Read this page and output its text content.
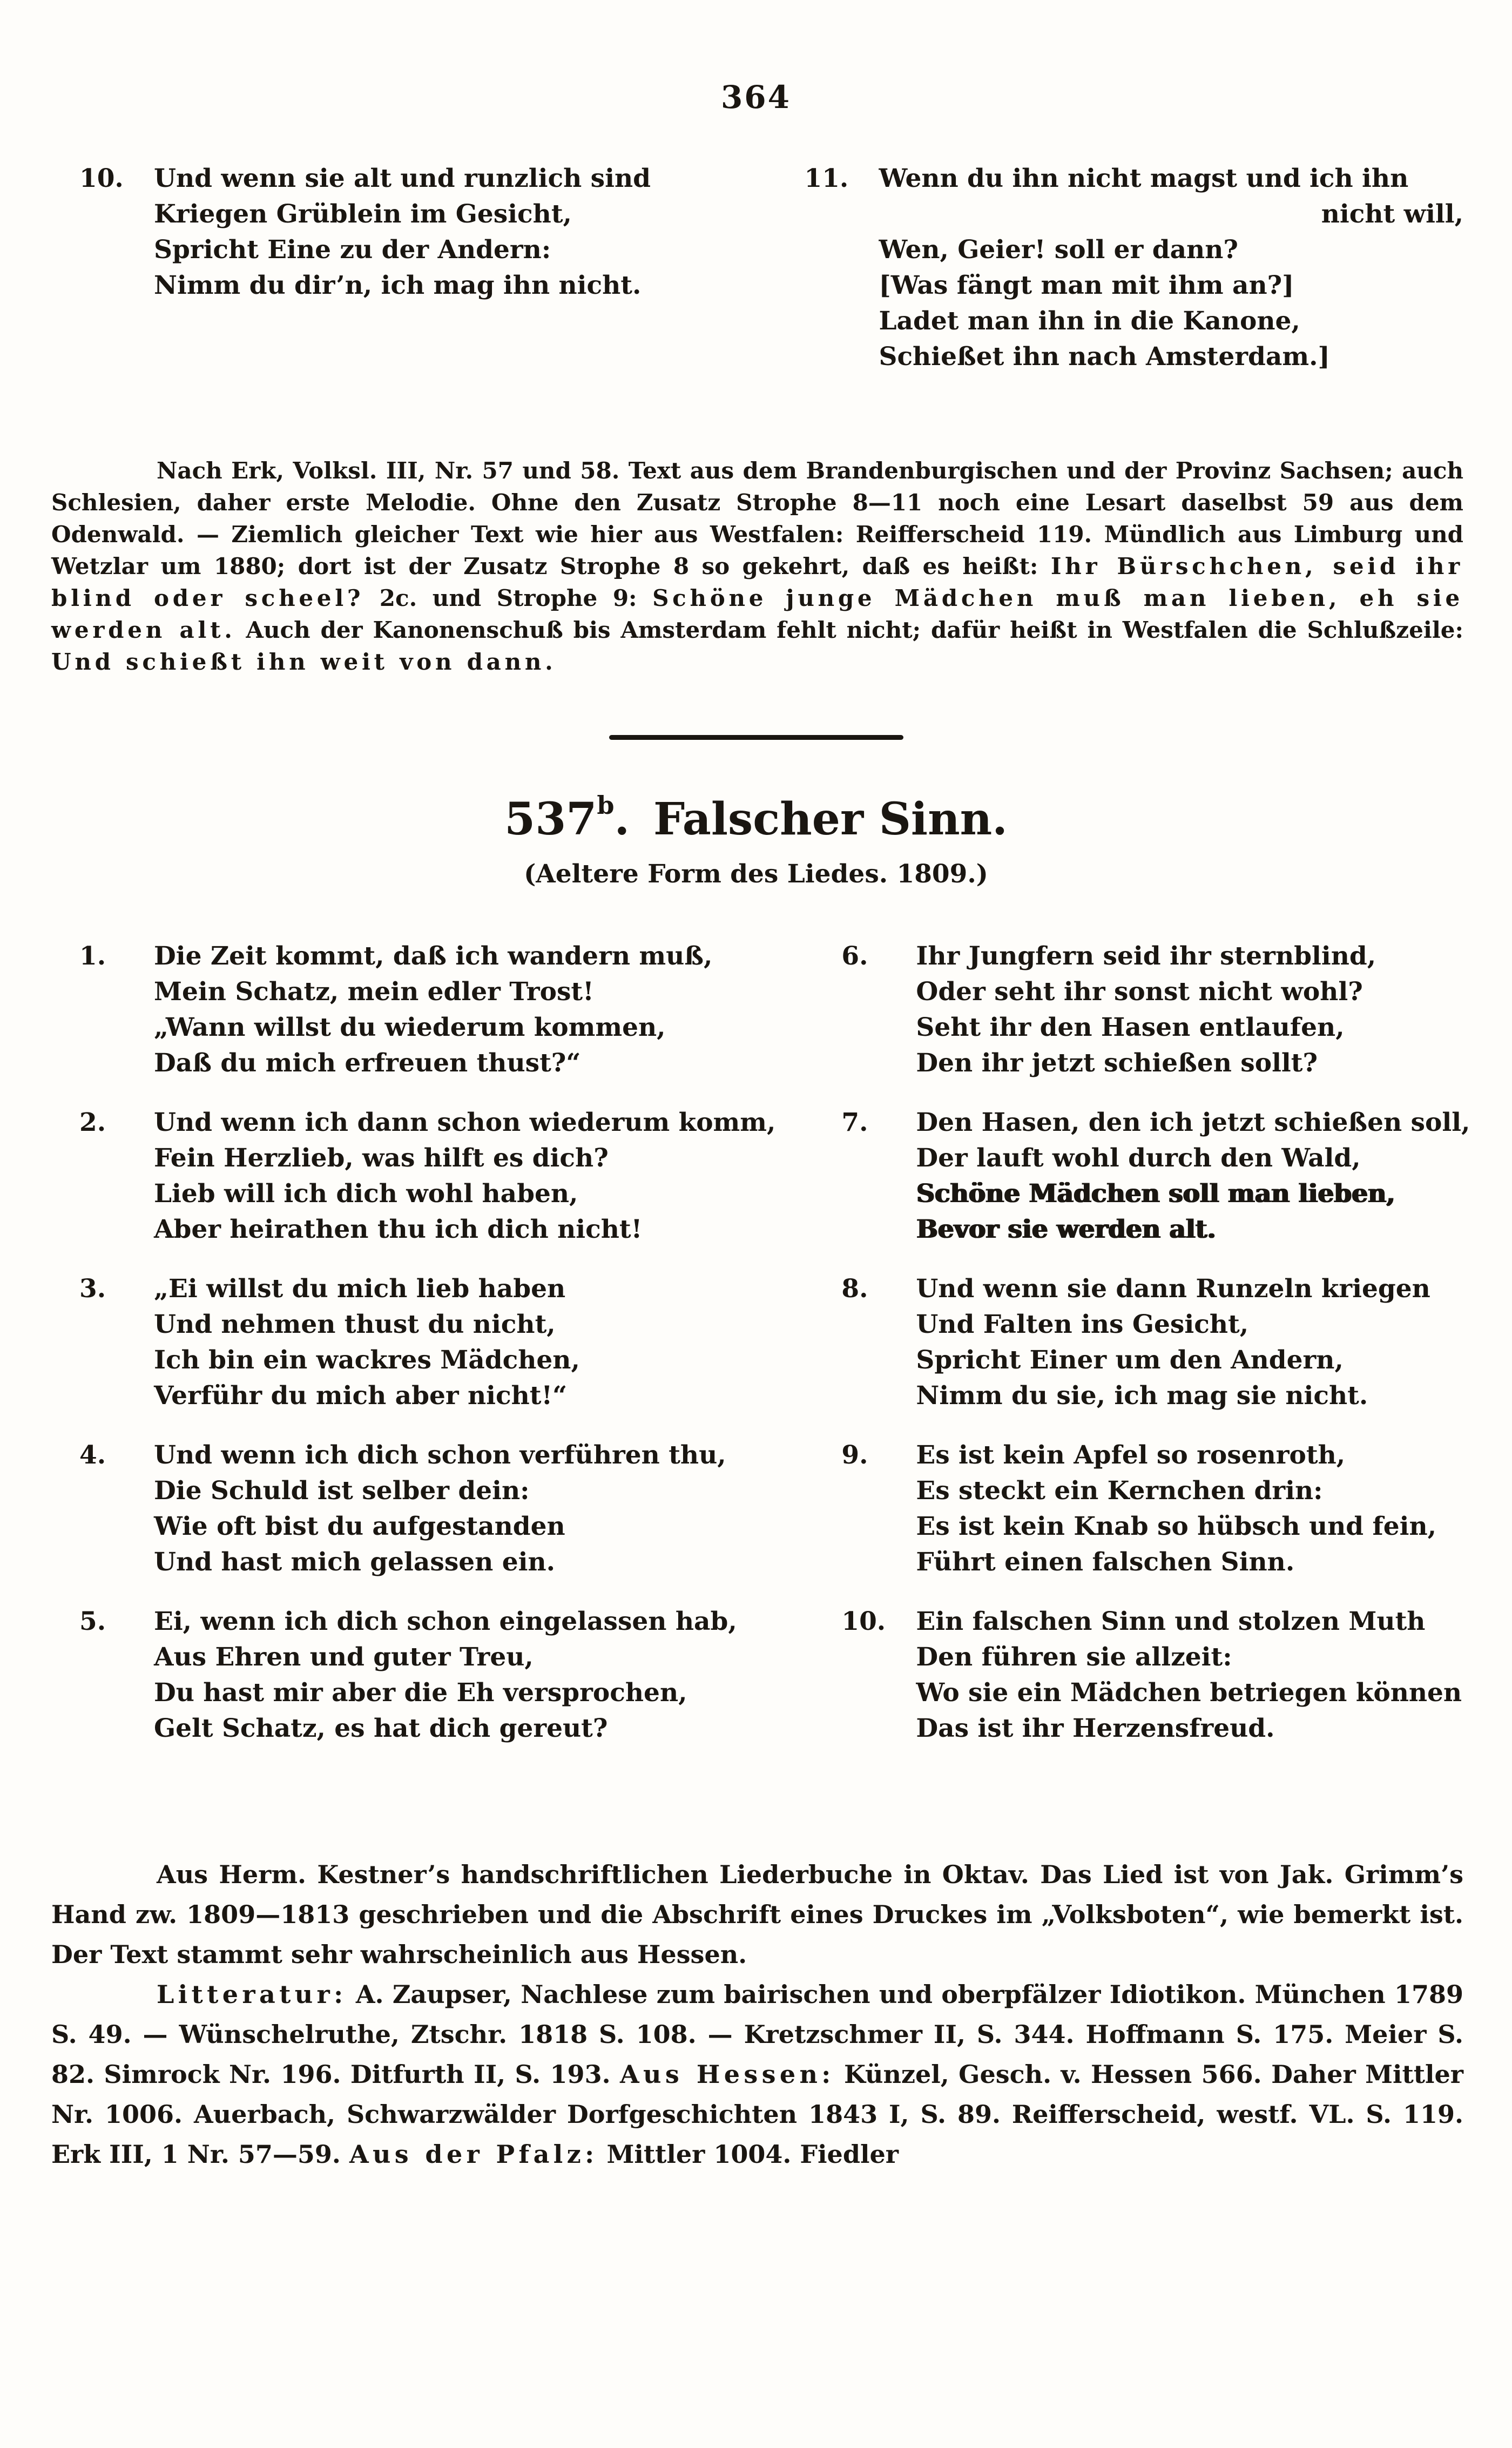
364
10. Und wenn sie alt und runzlich sind
Kriegen Grüblein im Gesicht,
Spricht Eine zu der Andern:
Nimm du dir’n, ich mag ihn nicht.
11. Wenn du ihn nicht magst und ich ihn
nicht will,
Wen, Geier! soll er dann?
[Was fängt man mit ihm an?]
Ladet man ihn in die Kanone,
Schießet ihn nach Amsterdam.]

Nach Erk, Volksl. III, Nr. 57 und 58. Text aus dem Brandenburgischen und der Provinz Sachsen; auch Schlesien, daher erste Melodie. Ohne den Zusatz Strophe 8—11 noch eine Lesart daselbst 59 aus dem Odenwald. — Ziemlich gleicher Text wie hier aus Westfalen: Reifferscheid 119. Mündlich aus Limburg und Wetzlar um 1880; dort ist der Zusatz Strophe 8 so gekehrt, daß es heißt: Ihr Bürschchen, seid ihr blind oder scheel? 2c. und Strophe 9: Schöne junge Mädchen muß man lieben, eh sie werden alt. Auch der Kanonenschuß bis Amsterdam fehlt nicht; dafür heißt in Westfalen die Schlußzeile: Und schießt ihn weit von dann.

537$^b$. Falscher Sinn.
(Aeltere Form des Liedes. 1809.)
1. Die Zeit kommt, daß ich wandern muß,
Mein Schatz, mein edler Trost!
„Wann willst du wiederum kommen,
Daß du mich erfreuen thust?“
2. Und wenn ich dann schon wiederum komm,
Fein Herzlieb, was hilft es dich?
Lieb will ich dich wohl haben,
Aber heirathen thu ich dich nicht!
3. „Ei willst du mich lieb haben
Und nehmen thust du nicht,
Ich bin ein wackres Mädchen,
Verführ du mich aber nicht!“
4. Und wenn ich dich schon verführen thu,
Die Schuld ist selber dein:
Wie oft bist du aufgestanden
Und hast mich gelassen ein.
5. Ei, wenn ich dich schon eingelassen hab,
Aus Ehren und guter Treu,
Du hast mir aber die Eh versprochen,
Gelt Schatz, es hat dich gereut?
6. Ihr Jungfern seid ihr sternblind,
Oder seht ihr sonst nicht wohl?
Seht ihr den Hasen entlaufen,
Den ihr jetzt schießen sollt?
7. Den Hasen, den ich jetzt schießen soll,
Der lauft wohl durch den Wald,
Schöne Mädchen soll man lieben,
Bevor sie werden alt.
8. Und wenn sie dann Runzeln kriegen
Und Falten ins Gesicht,
Spricht Einer um den Andern,
Nimm du sie, ich mag sie nicht.
9. Es ist kein Apfel so rosenroth,
Es steckt ein Kernchen drin:
Es ist kein Knab so hübsch und fein,
Führt einen falschen Sinn.
10. Ein falschen Sinn und stolzen Muth
Den führen sie allzeit:
Wo sie ein Mädchen betriegen können
Das ist ihr Herzensfreud.

Aus Herm. Kestner’s handschriftlichen Liederbuche in Oktav. Das Lied ist von Jak. Grimm’s Hand zw. 1809—1813 geschrieben und die Abschrift eines Druckes im „Volksboten“, wie bemerkt ist. Der Text stammt sehr wahrscheinlich aus Hessen.

Litteratur: A. Zaupser, Nachlese zum bairischen und oberpfälzer Idiotikon. München 1789 S. 49. — Wünschelruthe, Ztschr. 1818 S. 108. — Kretzschmer II, S. 344. Hoffmann S. 175. Meier S. 82. Simrock Nr. 196. Ditfurth II, S. 193. Aus Hessen: Künzel, Gesch. v. Hessen 566. Daher Mittler Nr. 1006. Auerbach, Schwarzwälder Dorfgeschichten 1843 I, S. 89. Reifferscheid, westf. VL. S. 119. Erk III, 1 Nr. 57—59. Aus der Pfalz: Mittler 1004. Fiedler
